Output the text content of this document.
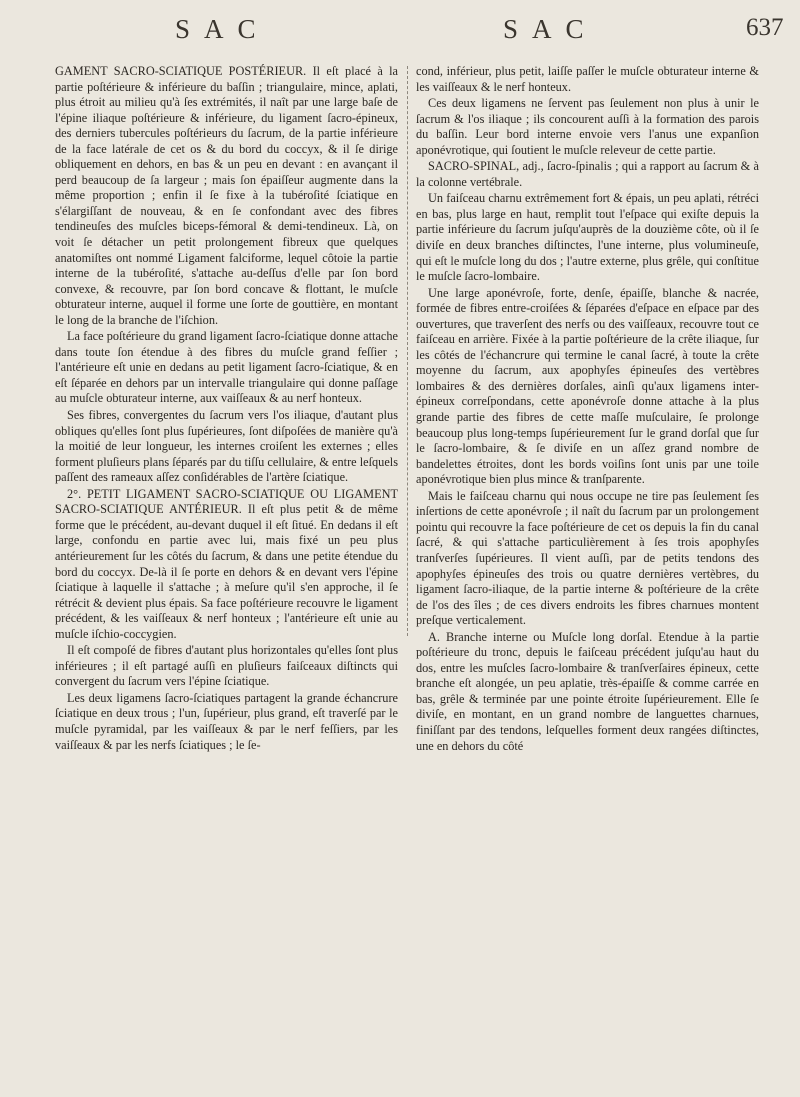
SAC	SAC	637

GAMENT SACRO-SCIATIQUE POSTÉRIEUR. Il eſt placé à la partie poſtérieure & inférieure du baſſin ; triangulaire, mince, aplati, plus étroit au milieu qu'à ſes extrémités, il naît par une large baſe de l'épine iliaque poſtérieure & inférieure, du ligament ſacro-épineux, des derniers tubercules poſtérieurs du ſacrum, de la partie inférieure de la face latérale de cet os & du bord du coccyx, & il ſe dirige obliquement en dehors, en bas & un peu en devant : en avançant il perd beaucoup de ſa largeur ; mais ſon épaiſſeur augmente dans la même proportion ; enfin il ſe fixe à la tubéroſité ſciatique en s'élargiſſant de nouveau, & en ſe confondant avec des fibres tendineuſes des muſcles biceps-fémoral & demi-tendineux. Là, on voit ſe détacher un petit prolongement fibreux que quelques anatomiſtes ont nommé Ligament falciforme, lequel côtoie la partie interne de la tubéroſité, s'attache au-deſſus d'elle par ſon bord convexe, & recouvre, par ſon bord concave & flottant, le muſcle obturateur interne, auquel il forme une ſorte de gouttière, en montant le long de la branche de l'iſchion.

La face poſtérieure du grand ligament ſacro-ſciatique donne attache dans toute ſon étendue à des fibres du muſcle grand feſſier ; l'antérieure eſt unie en dedans au petit ligament ſacro-ſciatique, & en eſt ſéparée en dehors par un intervalle triangulaire qui donne paſſage au muſcle obturateur interne, aux vaiſſeaux & au nerf honteux.

Ses fibres, convergentes du ſacrum vers l'os iliaque, d'autant plus obliques qu'elles ſont plus ſupérieures, ſont diſpoſées de manière qu'à la moitié de leur longueur, les internes croiſent les externes ; elles forment pluſieurs plans ſéparés par du tiſſu cellulaire, & entre leſquels paſſent des rameaux aſſez conſidérables de l'artère ſciatique.

2°. PETIT LIGAMENT SACRO-SCIATIQUE OU LIGAMENT SACRO-SCIATIQUE ANTÉRIEUR. Il eſt plus petit & de même forme que le précédent, au-devant duquel il eſt ſitué. En dedans il eſt large, confondu en partie avec lui, mais fixé un peu plus antérieurement ſur les côtés du ſacrum, & dans une petite étendue du bord du coccyx. De-là il ſe porte en dehors & en devant vers l'épine ſciatique à laquelle il s'attache ; à meſure qu'il s'en approche, il ſe rétrécit & devient plus épais. Sa face poſtérieure recouvre le ligament précédent, & les vaiſſeaux & nerf honteux ; l'antérieure eſt unie au muſcle iſchio-coccygien.

Il eſt compoſé de fibres d'autant plus horizontales qu'elles ſont plus inférieures ; il eſt partagé auſſi en pluſieurs faiſceaux diſtincts qui convergent du ſacrum vers l'épine ſciatique.

Les deux ligamens ſacro-ſciatiques partagent la grande échancrure ſciatique en deux trous ; l'un, ſupérieur, plus grand, eſt traverſé par le muſcle pyramidal, par les vaiſſeaux & par le nerf feſſiers, par les vaiſſeaux & par les nerfs ſciatiques ; le ſe-

cond, inférieur, plus petit, laiſſe paſſer le muſcle obturateur interne & les vaiſſeaux & le nerf honteux.

Ces deux ligamens ne ſervent pas ſeulement non plus à unir le ſacrum & l'os iliaque ; ils concourent auſſi à la formation des parois du baſſin. Leur bord interne envoie vers l'anus une expanſion aponévrotique, qui ſoutient le muſcle releveur de cette partie.

SACRO-SPINAL, adj., ſacro-ſpinalis ; qui a rapport au ſacrum & à la colonne vertébrale.

Un faiſceau charnu extrêmement fort & épais, un peu aplati, rétréci en bas, plus large en haut, remplit tout l'eſpace qui exiſte depuis la partie inférieure du ſacrum juſqu'auprès de la douzième côte, où il ſe diviſe en deux branches diſtinctes, l'une interne, plus volumineuſe, qui eſt le muſcle long du dos ; l'autre externe, plus grêle, qui conſtitue le muſcle ſacro-lombaire.

Une large aponévroſe, forte, denſe, épaiſſe, blanche & nacrée, formée de fibres entre-croiſées & ſéparées d'eſpace en eſpace par des ouvertures, que traverſent des nerfs ou des vaiſſeaux, recouvre tout ce faiſceau en arrière. Fixée à la partie poſtérieure de la crête iliaque, ſur les côtés de l'échancrure qui termine le canal ſacré, à toute la crête moyenne du ſacrum, aux apophyſes épineuſes des vertèbres lombaires & des dernières dorſales, ainſi qu'aux ligamens inter-épineux correſpondans, cette aponévroſe donne attache à la plus grande partie des fibres de cette maſſe muſculaire, ſe prolonge beaucoup plus long-temps ſupérieurement ſur le grand dorſal que ſur le ſacro-lombaire, & ſe diviſe en un aſſez grand nombre de bandelettes étroites, dont les bords voiſins ſont unis par une toile aponévrotique bien plus mince & tranſparente.

Mais le faiſceau charnu qui nous occupe ne tire pas ſeulement ſes inſertions de cette aponévroſe ; il naît du ſacrum par un prolongement pointu qui recouvre la face poſtérieure de cet os depuis la fin du canal ſacré, & qui s'attache particulièrement à ſes trois apophyſes tranſverſes ſupérieures. Il vient auſſi, par de petits tendons des apophyſes épineuſes des trois ou quatre dernières vertèbres, du ligament ſacro-iliaque, de la partie interne & poſtérieure de la crête de l'os des îles ; de ces divers endroits les fibres charnues montent preſque verticalement.

A. Branche interne ou Muſcle long dorſal. Etendue à la partie poſtérieure du tronc, depuis le faiſceau précédent juſqu'au haut du dos, entre les muſcles ſacro-lombaire & tranſverſaires épineux, cette branche eſt alongée, un peu aplatie, très-épaiſſe & comme carrée en bas, grêle & terminée par une pointe étroite ſupérieurement. Elle ſe diviſe, en montant, en un grand nombre de languettes charnues, finiſſant par des tendons, leſquelles forment deux rangées diſtinctes, une en dehors du côté
